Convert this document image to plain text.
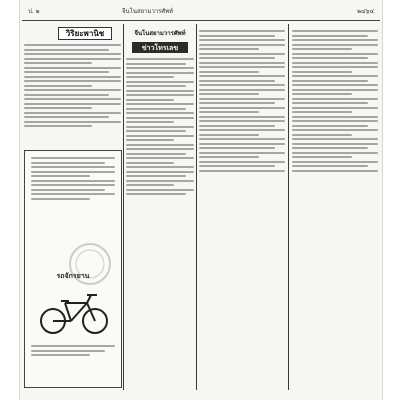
ป. ๒	จีนโนสยามวารศัพท์	๒๔๖๔
วิริยะพานิช
รถจักรยาน
จีนโนสยามวารศัพท์
ข่าวโทรเลข
